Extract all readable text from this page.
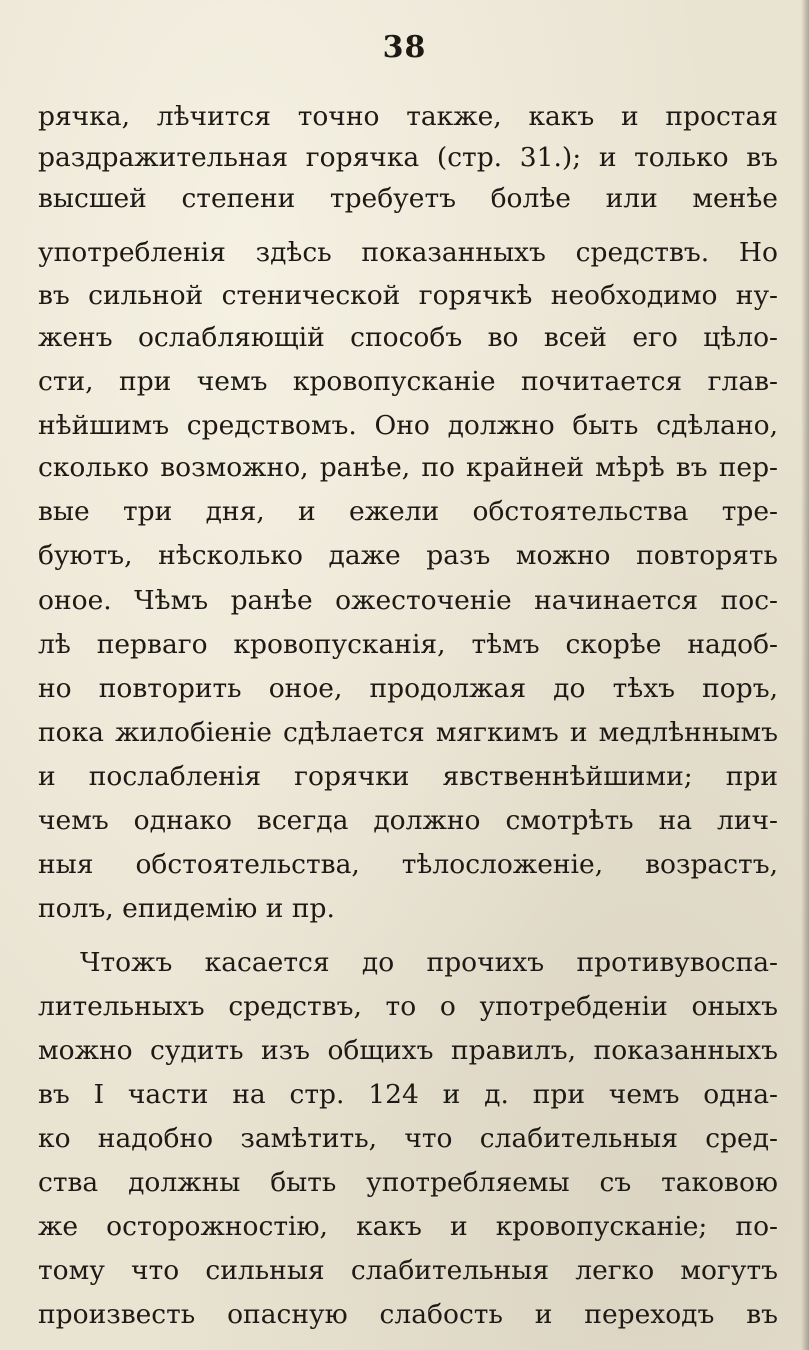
38
рячка, лѣчится точно также, какъ и простая
раздражительная горячка (стр. 31.); и только въ
высшей степени требуетъ болѣе или менѣе
употребленія здѣсь показанныхъ средствъ. Но
въ сильной стенической горячкѣ необходимо ну-
женъ ослабляющій способъ во всей его цѣло-
сти, при чемъ кровопусканіе почитается глав-
нѣйшимъ средствомъ. Оно должно быть сдѣлано,
сколько возможно, ранѣе, по крайней мѣрѣ въ пер-
вые три дня, и ежели обстоятельства тре-
буютъ, нѣсколько даже разъ можно повторять
оное. Чѣмъ ранѣе ожесточеніе начинается пос-
лѣ перваго кровопусканія, тѣмъ скорѣе надоб-
но повторить оное, продолжая до тѣхъ поръ,
пока жилобіеніе сдѣлается мягкимъ и медлѣннымъ
и послабленія горячки явственнѣйшими; при
чемъ однако всегда должно смотрѣть на лич-
ныя обстоятельства, тѣлосложеніе, возрастъ,
полъ, епидемію и пр.
Чтожъ касается до прочихъ противувоспа-
лительныхъ средствъ, то о употребденіи оныхъ
можно судить изъ общихъ правилъ, показанныхъ
въ I части на стр. 124 и д. при чемъ одна-
ко надобно замѣтить, что слабительныя сред-
ства должны быть употребляемы съ таковою
же осторожностію, какъ и кровопусканіе; по-
тому что сильныя слабительныя легко могутъ
произвесть опасную слабость и переходъ въ
